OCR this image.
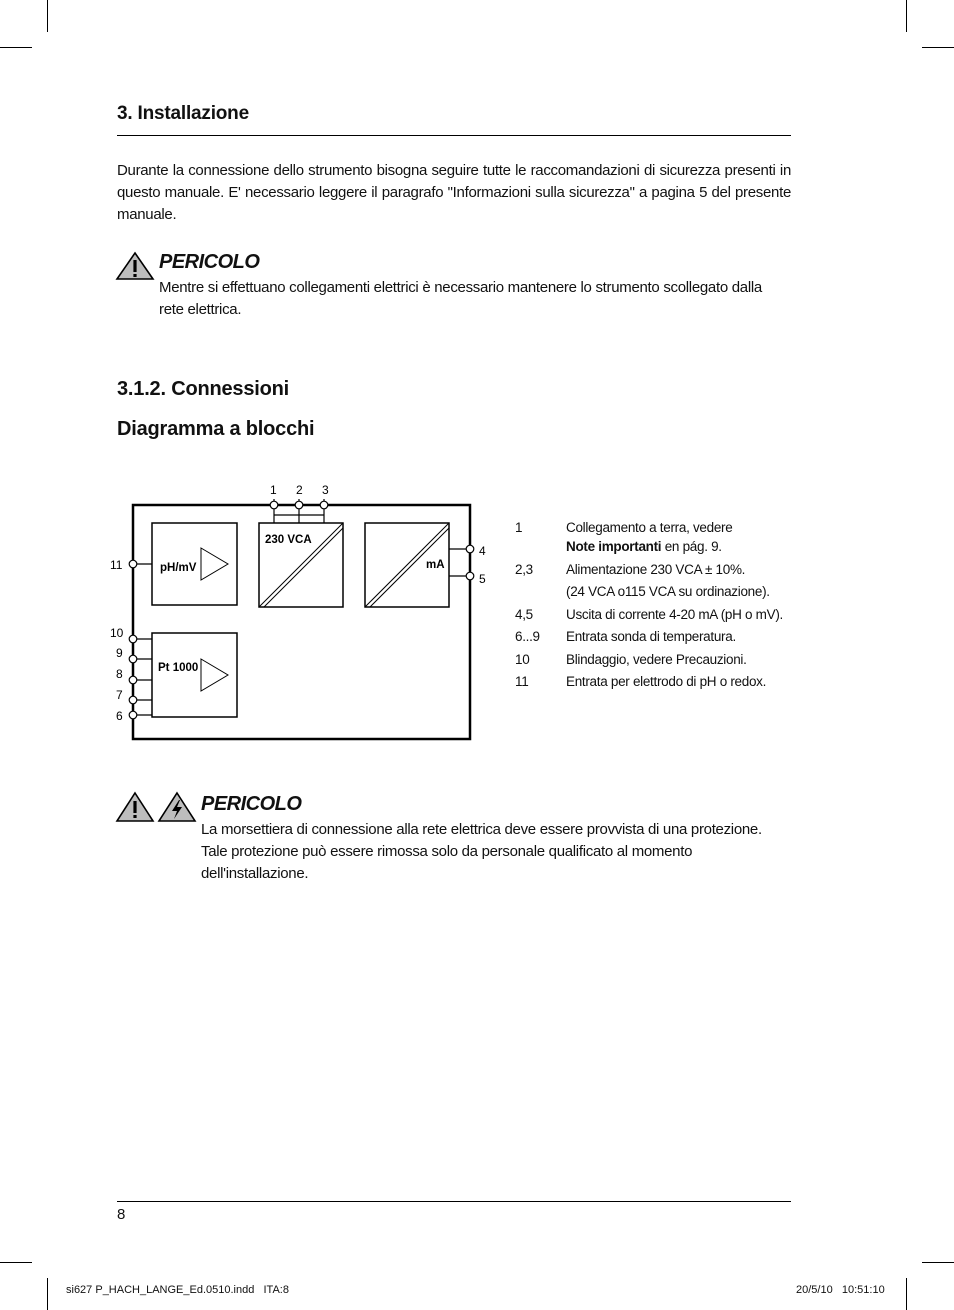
3. Installazione
Durante la connessione dello strumento bisogna seguire tutte le raccomandazioni di sicurezza presenti in questo manuale. E' necessario leggere il paragrafo "Informazioni sulla sicurezza" a pagina 5 del presente manuale.
PERICOLO
Mentre si effettuano collegamenti elettrici è necessario mantenere lo strumento scollegato dalla rete elettrica.
3.1.2. Connessioni
Diagramma a blocchi
pH/mV
Pt 1000
230 VCA
mA
1 2 3
4
5
11
10
9
8
7
6
1	Collegamento a terra, vedere
Note importanti en pág. 9.
2,3 Alimentazione 230 VCA ± 10%.
(24 VCA o115 VCA su ordinazione).
4,5 Uscita di corrente 4-20 mA (pH o mV).
6...9 Entrata sonda di temperatura.
10	Blindaggio, vedere Precauzioni.
11	Entrata per elettrodo di pH o redox.
PERICOLO
La morsettiera di connessione alla rete elettrica deve essere provvista di una protezione. Tale protezione può essere rimossa solo da personale qualificato al momento dell'installazione.
8
si627 P_HACH_LANGE_Ed.0510.indd   ITA:8	20/5/10   10:51:10
